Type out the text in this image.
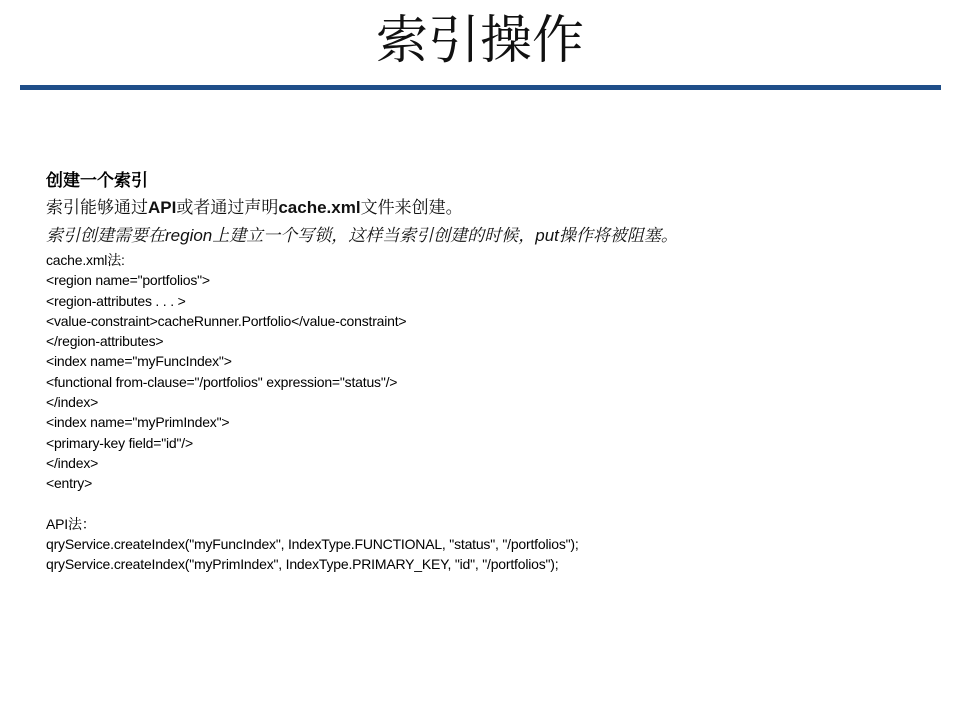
索引操作
创建一个索引
索引能够通过API或者通过声明cache.xml文件来创建。
索引创建需要在region上建立一个写锁，这样当索引创建的时候，put操作将被阻塞。
cache.xml法:
<region name="portfolios">
<region-attributes . . . >
<value-constraint>cacheRunner.Portfolio</value-constraint>
</region-attributes>
<index name="myFuncIndex">
<functional from-clause="/portfolios" expression="status"/>
</index>
<index name="myPrimIndex">
<primary-key field="id"/>
</index>
<entry>
API法：
qryService.createIndex("myFuncIndex", IndexType.FUNCTIONAL, "status", "/portfolios");
qryService.createIndex("myPrimIndex", IndexType.PRIMARY_KEY, "id", "/portfolios");
